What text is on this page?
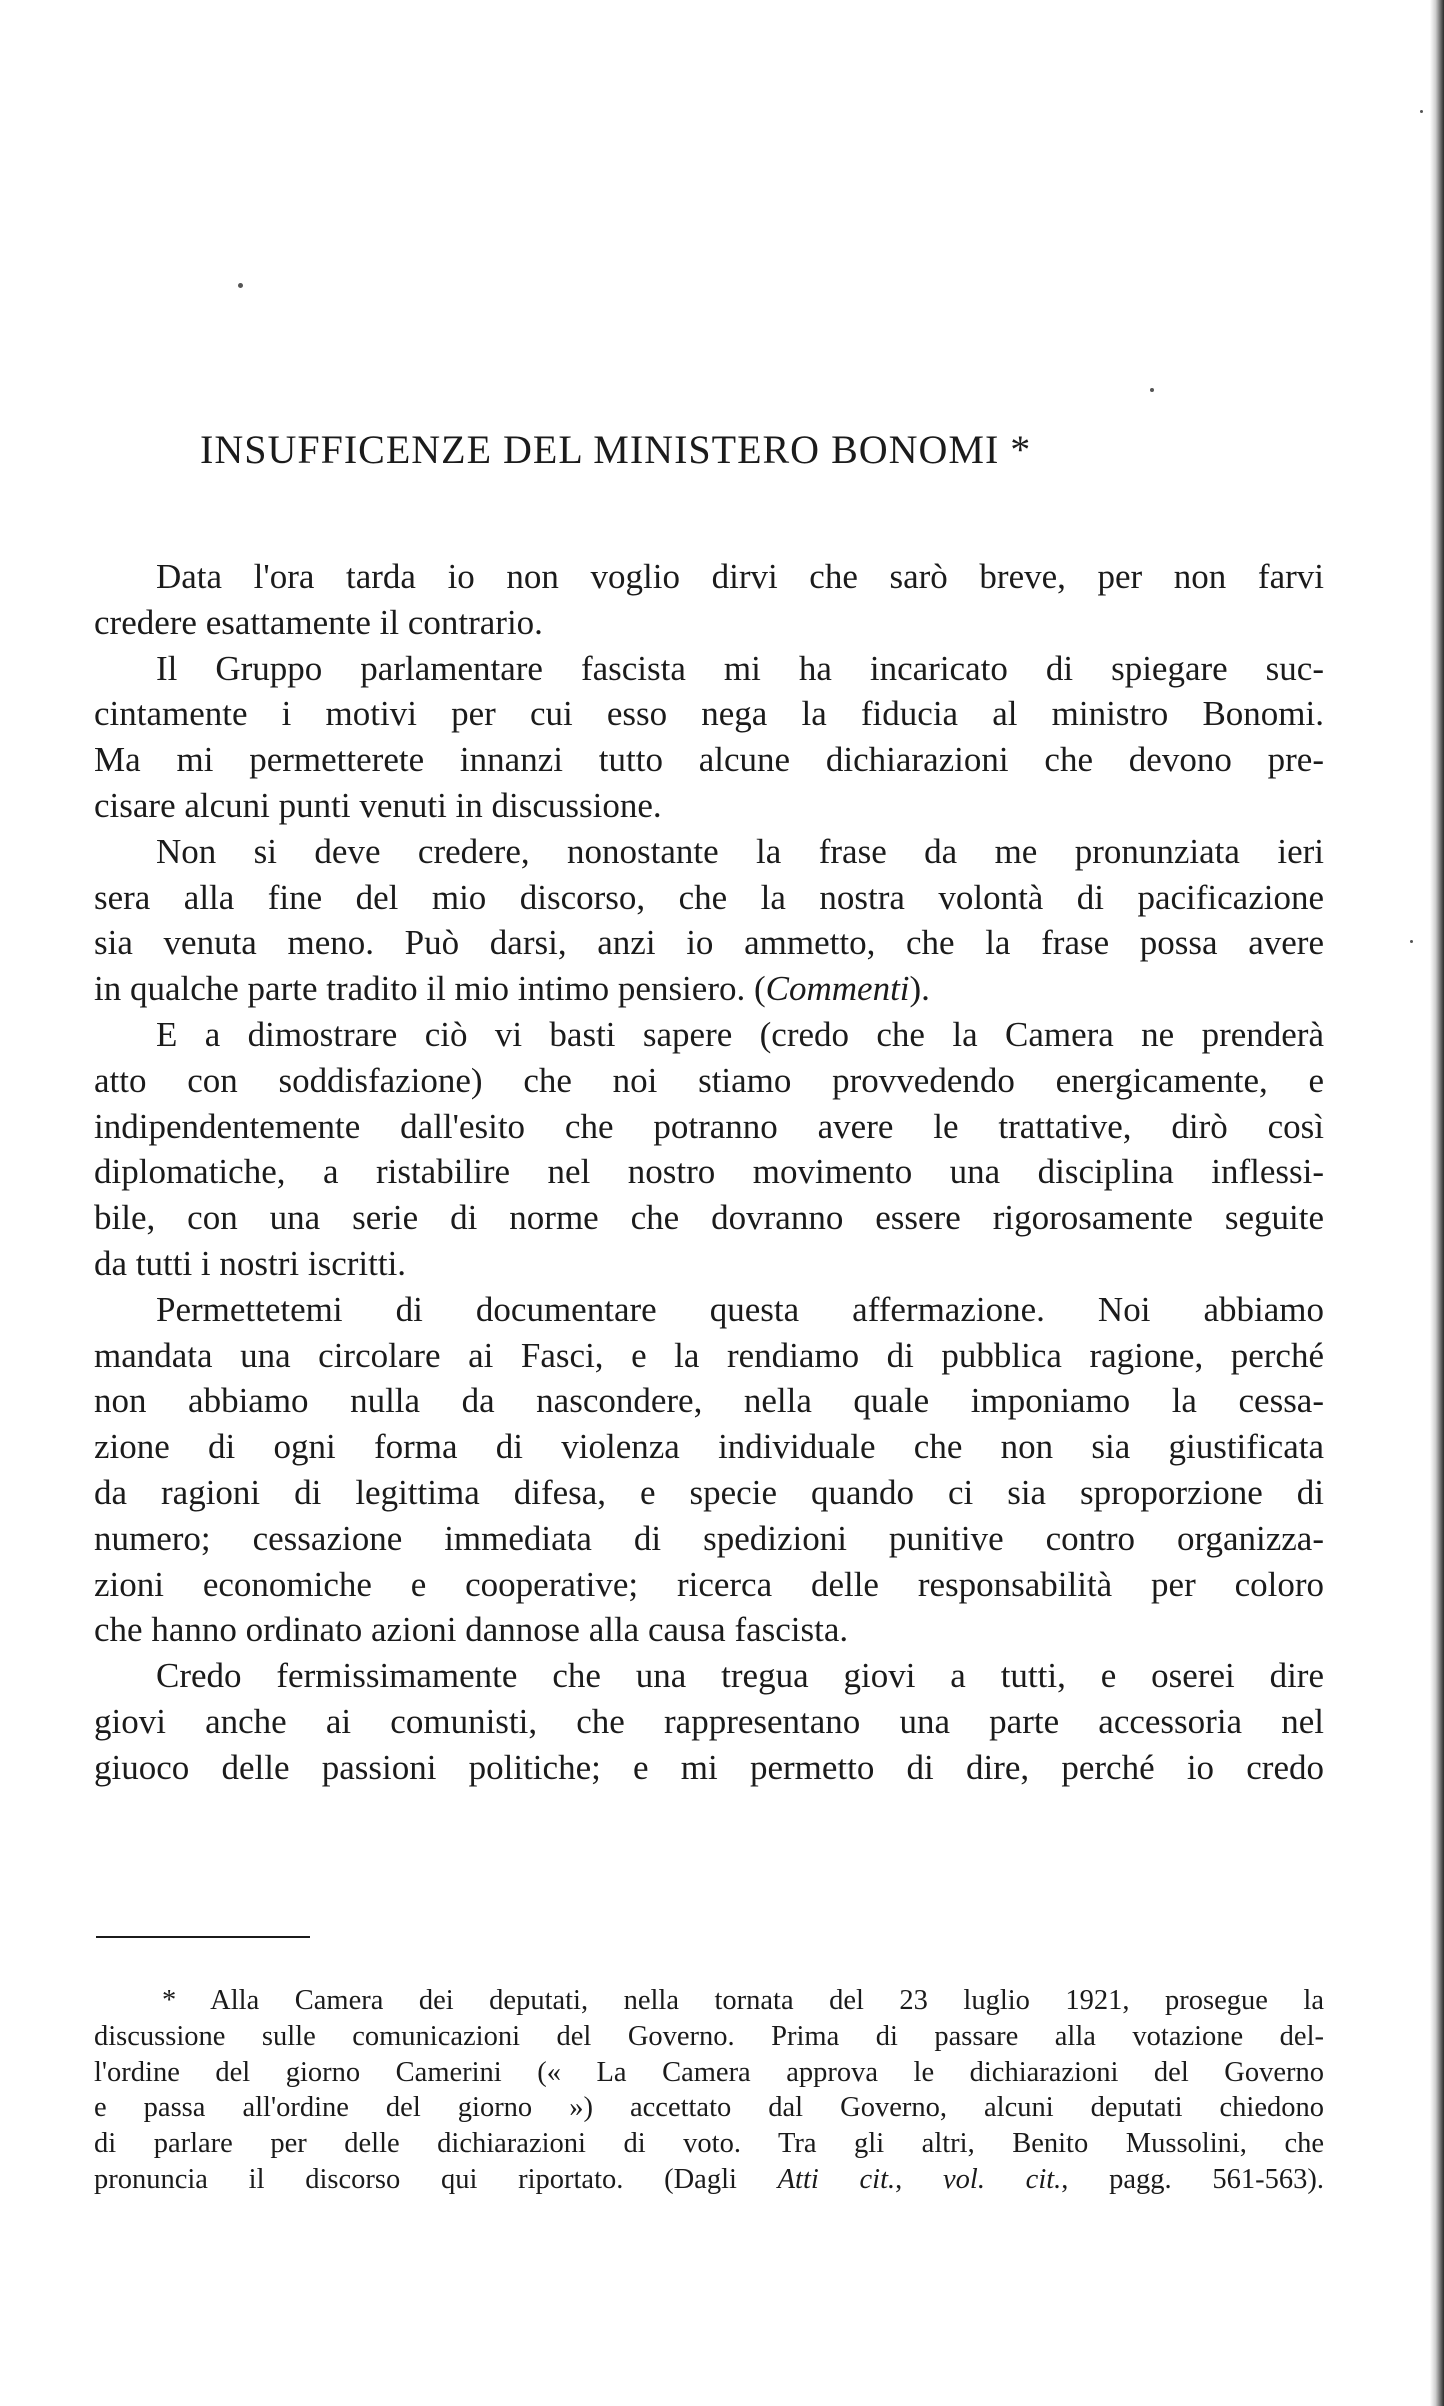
INSUFFICENZE DEL MINISTERO BONOMI *
Data l'ora tarda io non voglio dirvi che sarò breve, per non farvi
credere esattamente il contrario.
Il Gruppo parlamentare fascista mi ha incaricato di spiegare suc-
cintamente i motivi per cui esso nega la fiducia al ministro Bonomi.
Ma mi permetterete innanzi tutto alcune dichiarazioni che devono pre-
cisare alcuni punti venuti in discussione.
Non si deve credere, nonostante la frase da me pronunziata ieri
sera alla fine del mio discorso, che la nostra volontà di pacificazione
sia venuta meno. Può darsi, anzi io ammetto, che la frase possa avere
in qualche parte tradito il mio intimo pensiero. (Commenti).
E a dimostrare ciò vi basti sapere (credo che la Camera ne prenderà
atto con soddisfazione) che noi stiamo provvedendo energicamente, e
indipendentemente dall'esito che potranno avere le trattative, dirò così
diplomatiche, a ristabilire nel nostro movimento una disciplina inflessi-
bile, con una serie di norme che dovranno essere rigorosamente seguite
da tutti i nostri iscritti.
Permettetemi di documentare questa affermazione. Noi abbiamo
mandata una circolare ai Fasci, e la rendiamo di pubblica ragione, perché
non abbiamo nulla da nascondere, nella quale imponiamo la cessa-
zione di ogni forma di violenza individuale che non sia giustificata
da ragioni di legittima difesa, e specie quando ci sia sproporzione di
numero; cessazione immediata di spedizioni punitive contro organizza-
zioni economiche e cooperative; ricerca delle responsabilità per coloro
che hanno ordinato azioni dannose alla causa fascista.
Credo fermissimamente che una tregua giovi a tutti, e oserei dire
giovi anche ai comunisti, che rappresentano una parte accessoria nel
giuoco delle passioni politiche; e mi permetto di dire, perché io credo
* Alla Camera dei deputati, nella tornata del 23 luglio 1921, prosegue la
discussione sulle comunicazioni del Governo. Prima di passare alla votazione del-
l'ordine del giorno Camerini (« La Camera approva le dichiarazioni del Governo
e passa all'ordine del giorno ») accettato dal Governo, alcuni deputati chiedono
di parlare per delle dichiarazioni di voto. Tra gli altri, Benito Mussolini, che
pronuncia il discorso qui riportato. (Dagli Atti cit., vol. cit., pagg. 561-563).
